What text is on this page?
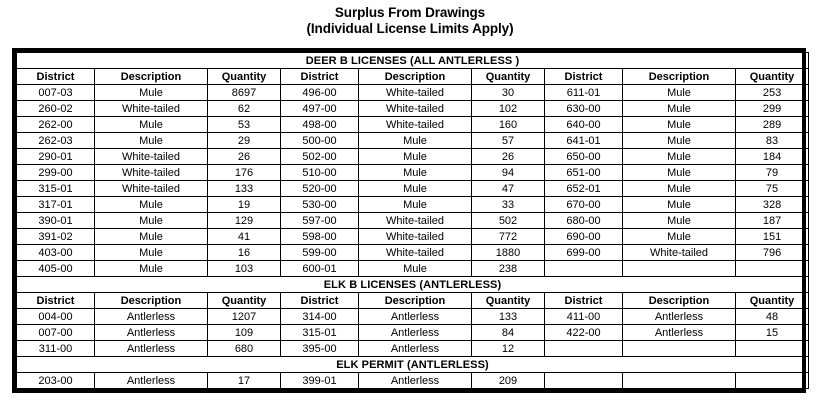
Surplus From Drawings
(Individual License Limits Apply)
DEER B LICENSES (ALL ANTLERLESS )								
District	Description	Quantity	District	Description	Quantity	District	Description	Quantity
007-03	Mule	8697	496-00	White-tailed	30	611-01	Mule	253
260-02	White-tailed	62	497-00	White-tailed	102	630-00	Mule	299
262-00	Mule	53	498-00	White-tailed	160	640-00	Mule	289
262-03	Mule	29	500-00	Mule	57	641-01	Mule	83
290-01	White-tailed	26	502-00	Mule	26	650-00	Mule	184
299-00	White-tailed	176	510-00	Mule	94	651-00	Mule	79
315-01	White-tailed	133	520-00	Mule	47	652-01	Mule	75
317-01	Mule	19	530-00	Mule	33	670-00	Mule	328
390-01	Mule	129	597-00	White-tailed	502	680-00	Mule	187
391-02	Mule	41	598-00	White-tailed	772	690-00	Mule	151
403-00	Mule	16	599-00	White-tailed	1880	699-00	White-tailed	796
405-00	Mule	103	600-01	Mule	238			
ELK B LICENSES (ANTLERLESS)								
District	Description	Quantity	District	Description	Quantity	District	Description	Quantity
004-00	Antlerless	1207	314-00	Antlerless	133	411-00	Antlerless	48
007-00	Antlerless	109	315-01	Antlerless	84	422-00	Antlerless	15
311-00	Antlerless	680	395-00	Antlerless	12			
ELK PERMIT (ANTLERLESS)								
203-00	Antlerless	17	399-01	Antlerless	209			
